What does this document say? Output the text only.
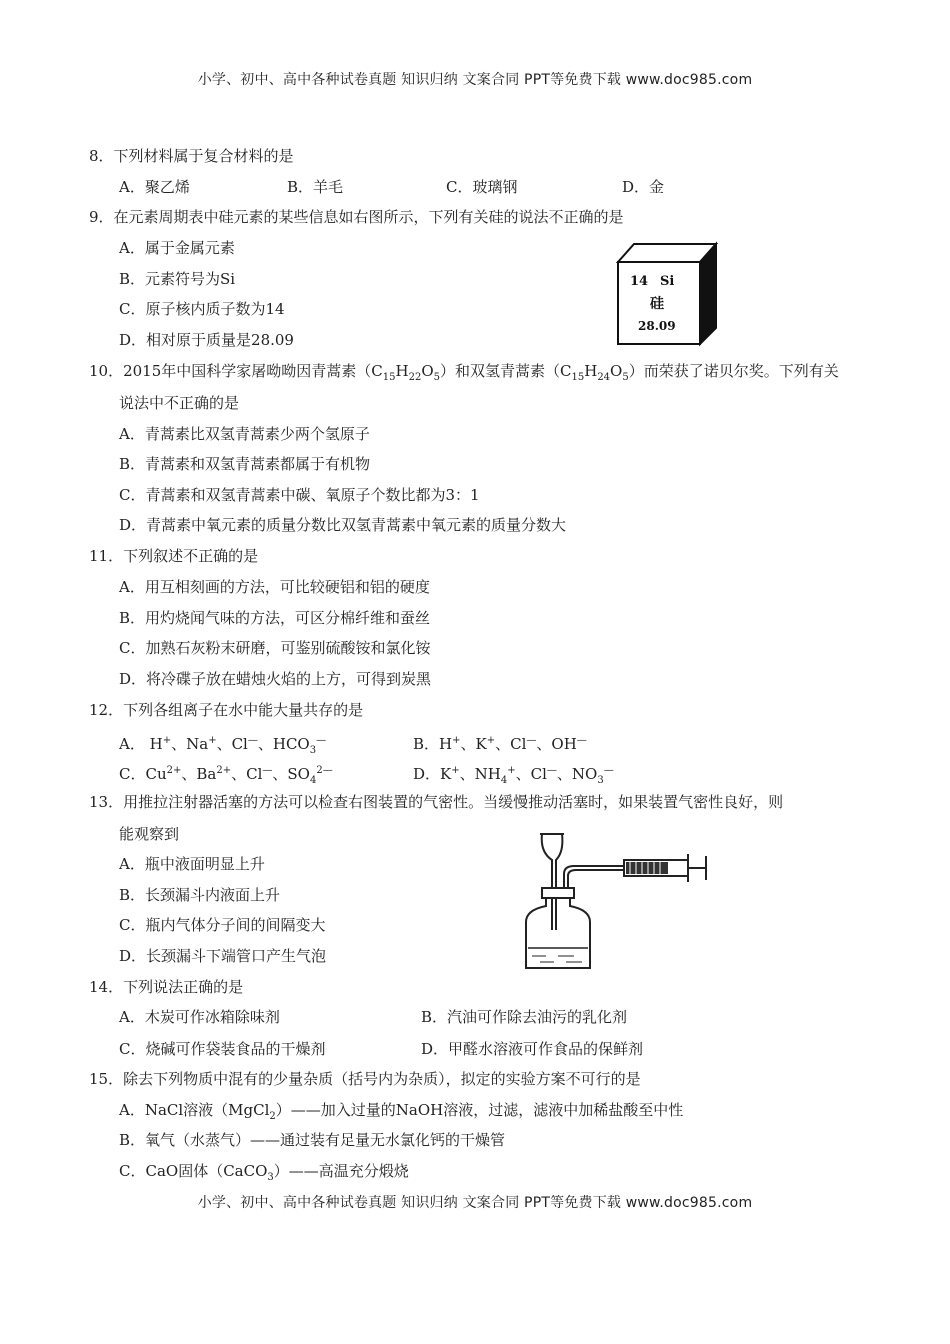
小学、初中、高中各种试卷真题 知识归纳 文案合同 PPT等免费下载 www.doc985.com
8．下列材料属于复合材料的是
A．聚乙烯	B．羊毛	C．玻璃钢	D．金
9．在元素周期表中硅元素的某些信息如右图所示，下列有关硅的说法不正确的是
A．属于金属元素
B．元素符号为Si
C．原子核内质子数为14
D．相对原于质量是28.09
14 Si
硅
28.09
10．2015年中国科学家屠呦呦因青蒿素$(C_{15}H_{22}O_5)$和双氢青蒿素$(C_{15}H_{24}O_5)$而荣获了诺贝尔奖。下列有关
说法中不正确的是
A．青蒿素比双氢青蒿素少两个氢原子
B．青蒿素和双氢青蒿素都属于有机物
C．青蒿素和双氢青蒿素中碳、氧原子个数比都为3：1
D．青蒿素中氧元素的质量分数比双氢青蒿素中氧元素的质量分数大
11．下列叙述不正确的是
A．用互相刻画的方法，可比较硬铝和铝的硬度
B．用灼烧闻气味的方法，可区分棉纤维和蚕丝
C．加熟石灰粉末研磨，可鉴别硫酸铵和氯化铵
D．将冷碟子放在蜡烛火焰的上方，可得到炭黑
12．下列各组离子在水中能大量共存的是
A． H+、Na+、Cl—、$HCO_3^—$	B．H+、K+、Cl—、OH—
C．$Cu^{2+}$、$Ba^{2+}$、Cl—、$SO_4^{2—}$	D．K+、$NH_4^+$、Cl—、$NO_3^—$
13．用推拉注射器活塞的方法可以检查右图装置的气密性。当缓慢推动活塞时，如果装置气密性良好，则
能观察到
A．瓶中液面明显上升
B．长颈漏斗内液面上升
C．瓶内气体分子间的间隔变大
D．长颈漏斗下端管口产生气泡
14．下列说法正确的是
A．木炭可作冰箱除味剂	B．汽油可作除去油污的乳化剂
C．烧碱可作袋装食品的干燥剂	D．甲醛水溶液可作食品的保鲜剂
15．除去下列物质中混有的少量杂质（括号内为杂质），拟定的实验方案不可行的是
A．NaCl溶液（MgCl$_2$）——加入过量的NaOH溶液，过滤，滤液中加稀盐酸至中性
B．氧气（水蒸气）——通过装有足量无水氯化钙的干燥管
C．CaO固体（CaCO$_3$）——高温充分煅烧
小学、初中、高中各种试卷真题 知识归纳 文案合同 PPT等免费下载 www.doc985.com
